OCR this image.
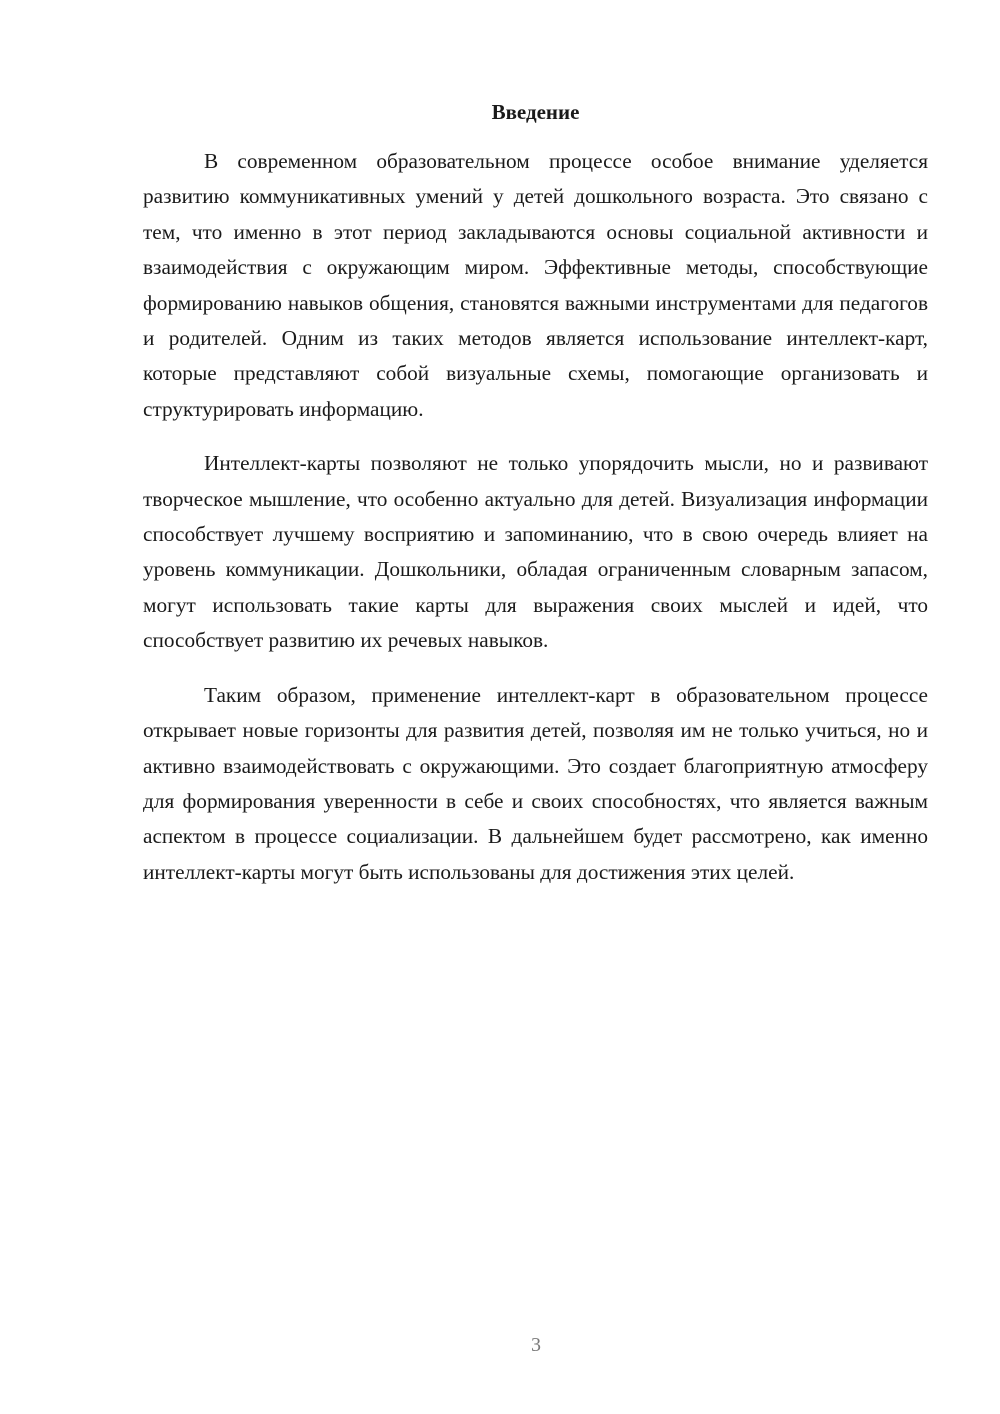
Введение

В современном образовательном процессе особое внимание уделяется развитию коммуникативных умений у детей дошкольного возраста. Это связано с тем, что именно в этот период закладываются основы социальной активности и взаимодействия с окружающим миром. Эффективные методы, способствующие формированию навыков общения, становятся важными инструментами для педагогов и родителей. Одним из таких методов является использование интеллект-карт, которые представляют собой визуальные схемы, помогающие организовать и структурировать информацию.

Интеллект-карты позволяют не только упорядочить мысли, но и развивают творческое мышление, что особенно актуально для детей. Визуализация информации способствует лучшему восприятию и запоминанию, что в свою очередь влияет на уровень коммуникации. Дошкольники, обладая ограниченным словарным запасом, могут использовать такие карты для выражения своих мыслей и идей, что способствует развитию их речевых навыков.

Таким образом, применение интеллект-карт в образовательном процессе открывает новые горизонты для развития детей, позволяя им не только учиться, но и активно взаимодействовать с окружающими. Это создает благоприятную атмосферу для формирования уверенности в себе и своих способностях, что является важным аспектом в процессе социализации. В дальнейшем будет рассмотрено, как именно интеллект-карты могут быть использованы для достижения этих целей.

3
